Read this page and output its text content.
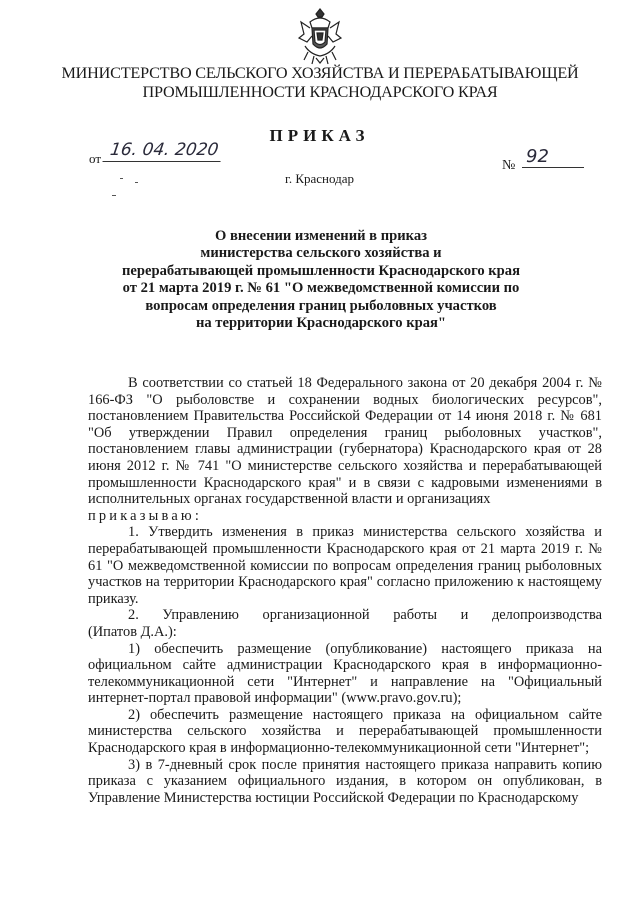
МИНИСТЕРСТВО СЕЛЬСКОГО ХОЗЯЙСТВА И ПЕРЕРАБАТЫВАЮЩЕЙ
ПРОМЫШЛЕННОСТИ КРАСНОДАРСКОГО КРАЯ
ПРИКАЗ
от 16. 04. 2020
г. Краснодар
№ 92
О внесении изменений в приказ
министерства сельского хозяйства и
перерабатывающей промышленности Краснодарского края
от 21 марта 2019 г. № 61 "О межведомственной комиссии по
вопросам определения границ рыболовных участков
на территории Краснодарского края"

В соответствии со статьей 18 Федерального закона от 20 декабря 2004 г. № 166-ФЗ "О рыболовстве и сохранении водных биологических ресурсов", постановлением Правительства Российской Федерации от 14 июня 2018 г. № 681 "Об утверждении Правил определения границ рыболовных участков", постановлением главы администрации (губернатора) Краснодарского края от 28 июня 2012 г. № 741 "О министерстве сельского хозяйства и перерабатывающей промышленности Краснодарского края" и в связи с кадровыми изменениями в исполнительных органах государственной власти и организациях

приказываю:

1. Утвердить изменения в приказ министерства сельского хозяйства и перерабатывающей промышленности Краснодарского края от 21 марта 2019 г. № 61 "О межведомственной комиссии по вопросам определения границ рыболовных участков на территории Краснодарского края" согласно приложению к настоящему приказу.

2. Управлению организационной работы и делопроизводства

(Ипатов Д.А.):

1) обеспечить размещение (опубликование) настоящего приказа на официальном сайте администрации Краснодарского края в информационно-телекоммуникационной сети "Интернет" и направление на "Официальный интернет-портал правовой информации" (www.pravo.gov.ru);

2) обеспечить размещение настоящего приказа на официальном сайте министерства сельского хозяйства и перерабатывающей промышленности Краснодарского края в информационно-телекоммуникационной сети "Интернет";

3) в 7-дневный срок после принятия настоящего приказа направить копию приказа с указанием официального издания, в котором он опубликован, в Управление Министерства юстиции Российской Федерации по Краснодарскому
